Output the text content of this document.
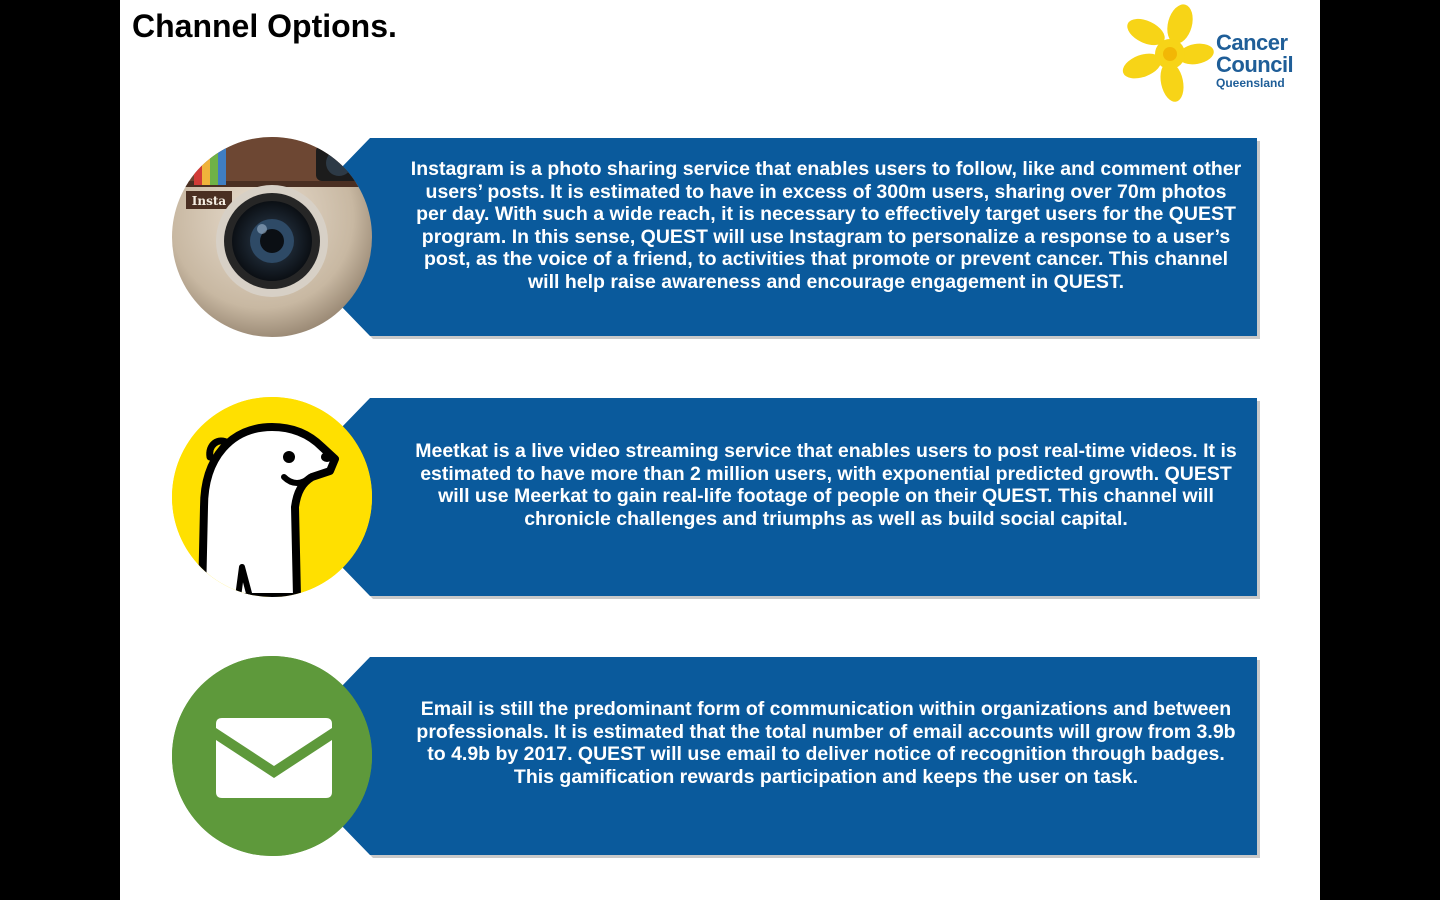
Channel Options.	Cancer
Council
Queensland
Insta
Instagram is a photo sharing service that enables users to follow, like and comment other users’ posts. It is estimated to have in excess of 300m users, sharing over 70m photos per day. With such a wide reach, it is necessary to effectively target users for the QUEST program. In this sense, QUEST will use Instagram to personalize a response to a user’s post, as the voice of a friend, to activities that promote or prevent cancer. This channel will help raise awareness and encourage engagement in QUEST.
Meetkat is a live video streaming service that enables users to post real-time videos. It is estimated to have more than 2 million users, with exponential predicted growth. QUEST will use Meerkat to gain real-life footage of people on their QUEST. This channel will chronicle challenges and triumphs as well as build social capital.
Email is still the predominant form of communication within organizations and between professionals. It is estimated that the total number of email accounts will grow from 3.9b to 4.9b by 2017. QUEST will use email to deliver notice of recognition through badges. This gamification rewards participation and keeps the user on task.
